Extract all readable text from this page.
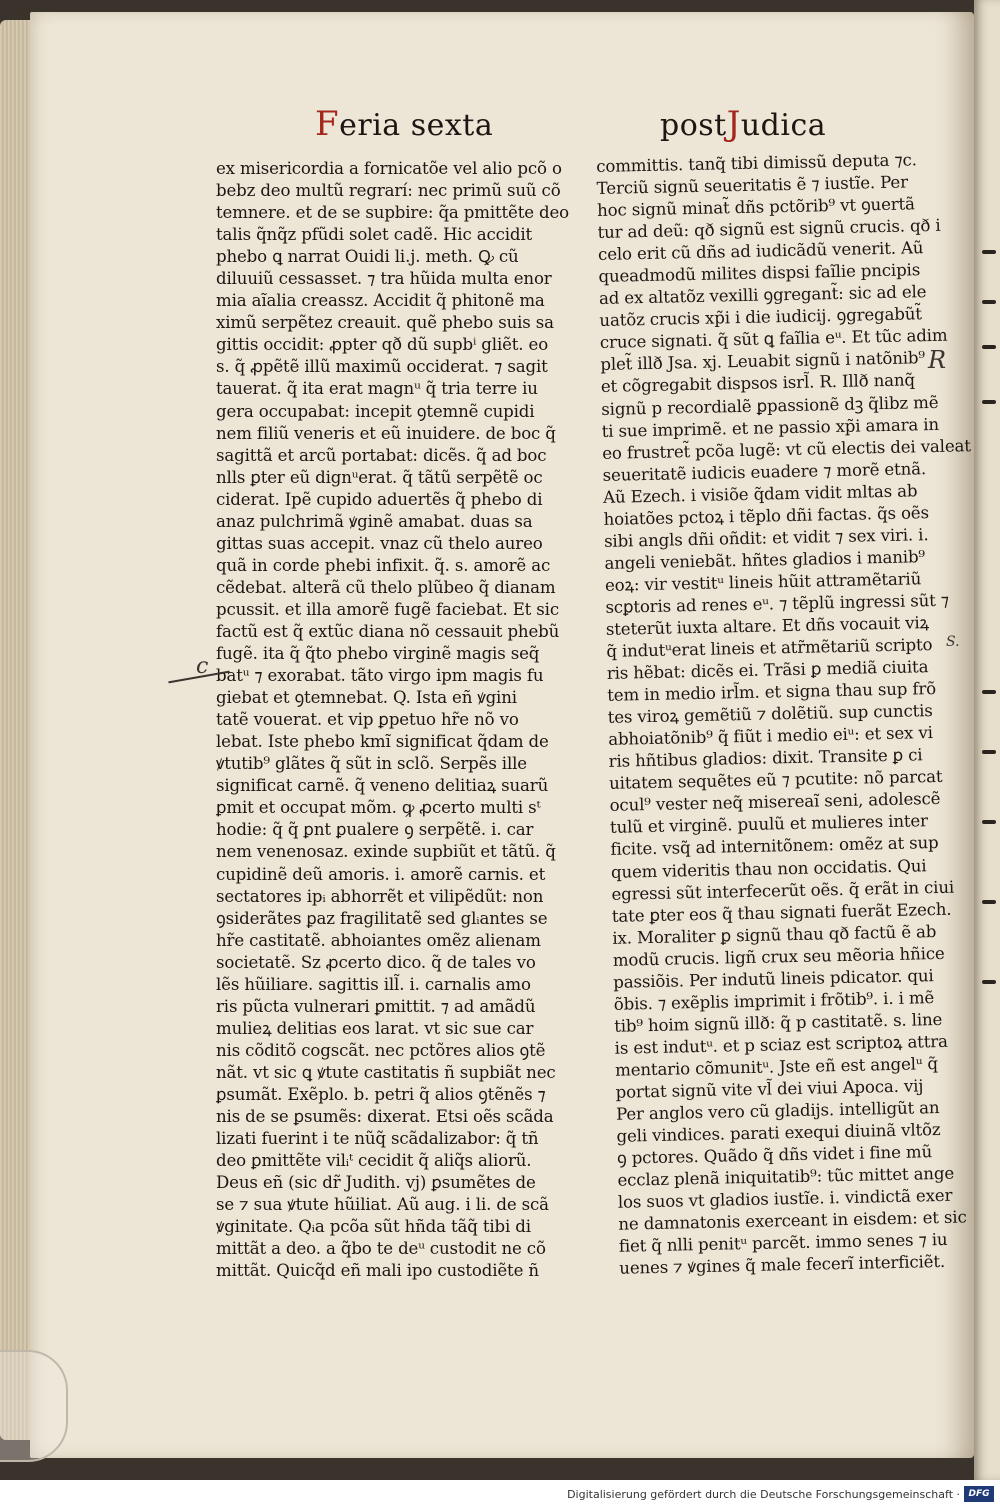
Feria sexta	postJudica
ex misericordia a fornicatõe vel alio pcõ o
bebz deo multũ regrarí: nec primũ suũ cõ
temnere. et de se supbire: q̃a pmittẽte deo
talis q̃nq̃z pfũdi solet cadẽ. Hic accidit
phebo ꝗ narrat Ouidi li.j. meth. Ꝙ cũ
diluuiũ cessasset. ⁊ tra hũida multa enor
mia aĩalia creassz. Accidit q̃ phitonẽ ma
ximũ serpẽtez creauit. quẽ phebo suis sa
gittis occidit: ꝓpter qð dũ supbⁱ gliẽt. eo
s. q̃ ꝓpẽtẽ illũ maximũ occiderat. ⁊ sagit
tauerat. q̃ ita erat magnᵘ q̃ tria terre iu
gera occupabat: incepit ꝯtemnẽ cupidi
nem filiũ veneris et eũ inuidere. de boc q̃
sagittã et arcũ portabat: dicẽs. q̃ ad boc
nlls ꝑter eũ dignᵘerat. q̃ tãtũ serpẽtẽ oc
ciderat. Ipẽ cupido aduertẽs q̃ phebo di
anaz pulchrimã ꝟginẽ amabat. duas sa
gittas suas accepit. vnaz cũ thelo aureo
quã in corde phebi infixit. q̃. s. amorẽ ac
cẽdebat. alterã cũ thelo plũbeo q̃ dianam
pcussit. et illa amorẽ fugẽ faciebat. Et sic
factũ est q̃ extũc diana nõ cessauit phebũ
fugẽ. ita q̃ q̃to phebo virginẽ magis seq̃
batᵘ ⁊ exorabat. tãto virgo ipm magis fu
giebat et ꝯtemnebat. Q. Ista eñ ꝟgini
tatẽ vouerat. et vip ꝑpetuo hr̃e nõ vo
lebat. Iste phebo kmĩ significat q̃dam de
ꝟtutib⁹ glãtes q̃ sũt in sclõ. Serpẽs ille
significat carnẽ. q̃ veneno delitiaꝝ suarũ
ꝑmit et occupat mõm. ꝙ ꝓcerto multi sᵗ
hodie: q̃ q̃ ꝑnt ꝑualere ꝯ serpẽtẽ. i. car
nem venenosaz. exinde supbiũt et tãtũ. q̃
cupidinẽ deũ amoris. i. amorẽ carnis. et
sectatores ipᵢ abhorrẽt et vilipẽdũt: non
ꝯsiderãtes ꝑaz fragilitatẽ sed glᵢantes se
hr̃e castitatẽ. abhoiantes omẽz alienam
societatẽ. Sz ꝓcerto dico. q̃ de tales vo
lẽs hũiliare. sagittis ill̃. i. carnalis amo
ris pũcta vulnerari ꝑmittit. ⁊ ad amãdũ
mulieꝝ delitias eos larat. vt sic sue car
nis cõditõ cogscãt. nec pctõres alios ꝯtẽ
nãt. vt sic ꝗ ꝟtute castitatis ñ supbiãt nec
ꝑsumãt. Exẽplo. b. petri q̃ alios ꝯtẽnẽs ⁊
nis de se ꝑsumẽs: dixerat. Etsi oẽs scãda
lizati fuerint i te nũq̃ scãdalizabor: q̃ tñ
deo ꝑmittẽte vilᵢᵗ cecidit q̃ aliq̃s aliorũ.
Deus eñ (sic dr̃ Judith. vj) ꝑsumẽtes de
se ⁊ sua ꝟtute hũiliat. Aũ aug. i li. de scã
ꝟginitate. Qᵢa pcõa sũt hñda tãq̃ tibi di
mittãt a deo. a q̃bo te deᵘ custodit ne cõ
mittãt. Quicq̃d eñ mali ipo custodiẽte ñ
committis. tanq̃ tibi dimissũ deputa ⁊c.
Terciũ signũ seueritatis ẽ ⁊ iustĩe. Per
hoc signũ minat̃ dñs pctõrib⁹ vt ꝯuertã
tur ad deũ: qð signũ est signũ crucis. qð i
celo erit cũ dñs ad iudicãdũ venerit. Aũ
queadmodũ milites dispsi faĩlie pncipis
ad ex altatõz vexilli ꝯgregant̃: sic ad ele
uatõz crucis xp̃i i die iudicij. ꝯgregabũt̃
cruce signati. q̃ sũt ꝗ faĩlia eᵘ. Et tũc adim
plet̃ illð Jsa. xj. Leuabit signũ i natõnib⁹
et cõgregabit dispsos isrl̃. R. Illð nanq̃
signũ p recordialẽ ꝑpassionẽ dꝫ q̃libz mẽ
ti sue imprimẽ. et ne passio xp̃i amara in
eo frustret̃ pcõa lugẽ: vt cũ electis dei valeat
seueritatẽ iudicis euadere ⁊ morẽ etnã.
Aũ Ezech. i visiõe q̃dam vidit mltas ab
hoiatões pctoꝝ i tẽplo dñi factas. q̃s oẽs
sibi angls dñi oñdit: et vidit ⁊ sex viri. i.
angeli veniebãt. hñtes gladios i manib⁹
eoꝝ: vir vestitᵘ lineis hũit attramẽtariũ
scꝑtoris ad renes eᵘ. ⁊ tẽplũ ingressi sũt ⁊
steterũt iuxta altare. Et dñs vocauit viꝝ
q̃ indutᵘerat lineis et atr̃mẽtariũ scripto
ris hẽbat: dicẽs ei. Trãsi ꝑ mediã ciuita
tem in medio irl̃m. et signa thau sup frõ
tes viroꝝ gemẽtiũ ⁊ dolẽtiũ. sup cunctis
abhoiatõnib⁹ q̃ fiũt i medio eiᵘ: et sex vi
ris hñtibus gladios: dixit. Transite ꝑ ci
uitatem sequẽtes eũ ⁊ pcutite: nõ parcat
ocul⁹ vester neq̃ misereaĩ seni, adolescẽ
tulũ et virginẽ. puulũ et mulieres inter
ficite. vsq̃ ad internitõnem: omẽz at sup
quem videritis thau non occidatis. Qui
egressi sũt interfecerũt oẽs. q̃ erãt in ciui
tate ꝑter eos q̃ thau signati fuerãt Ezech.
ix. Moraliter ꝑ signũ thau qð factũ ẽ ab
modũ crucis. ligñ crux seu mẽoria hñice
passiõis. Per indutũ lineis pdicator. qui
õbis. ⁊ exẽplis imprimit i frõtib⁹. i. i mẽ
tib⁹ hoim signũ illð: q̃ p castitatẽ. s. line
is est indutᵘ. et p sciaz est scriptoꝝ attra
mentario cõmunitᵘ. Jste eñ est angelᵘ q̃
portat signũ vite vl̃ dei viui Apoca. vij
Per anglos vero cũ gladijs. intelligũt an
geli vindices. parati exequi diuinã vltõz
ꝯ pctores. Quãdo q̃ dñs videt i fine mũ
ecclaz plenã iniquitatib⁹: tũc mittet ange
los suos vt gladios iustĩe. i. vindictã exer
ne damnatonis exerceant in eisdem: et sic
fiet q̃ nlli penitᵘ parcẽt. immo senes ⁊ iu
uenes ⁊ ꝟgines q̃ male fecerĩ interficiẽt.
c
R
S.
Digitalisierung gefördert durch die Deutsche Forschungsgemeinschaft · DFG
